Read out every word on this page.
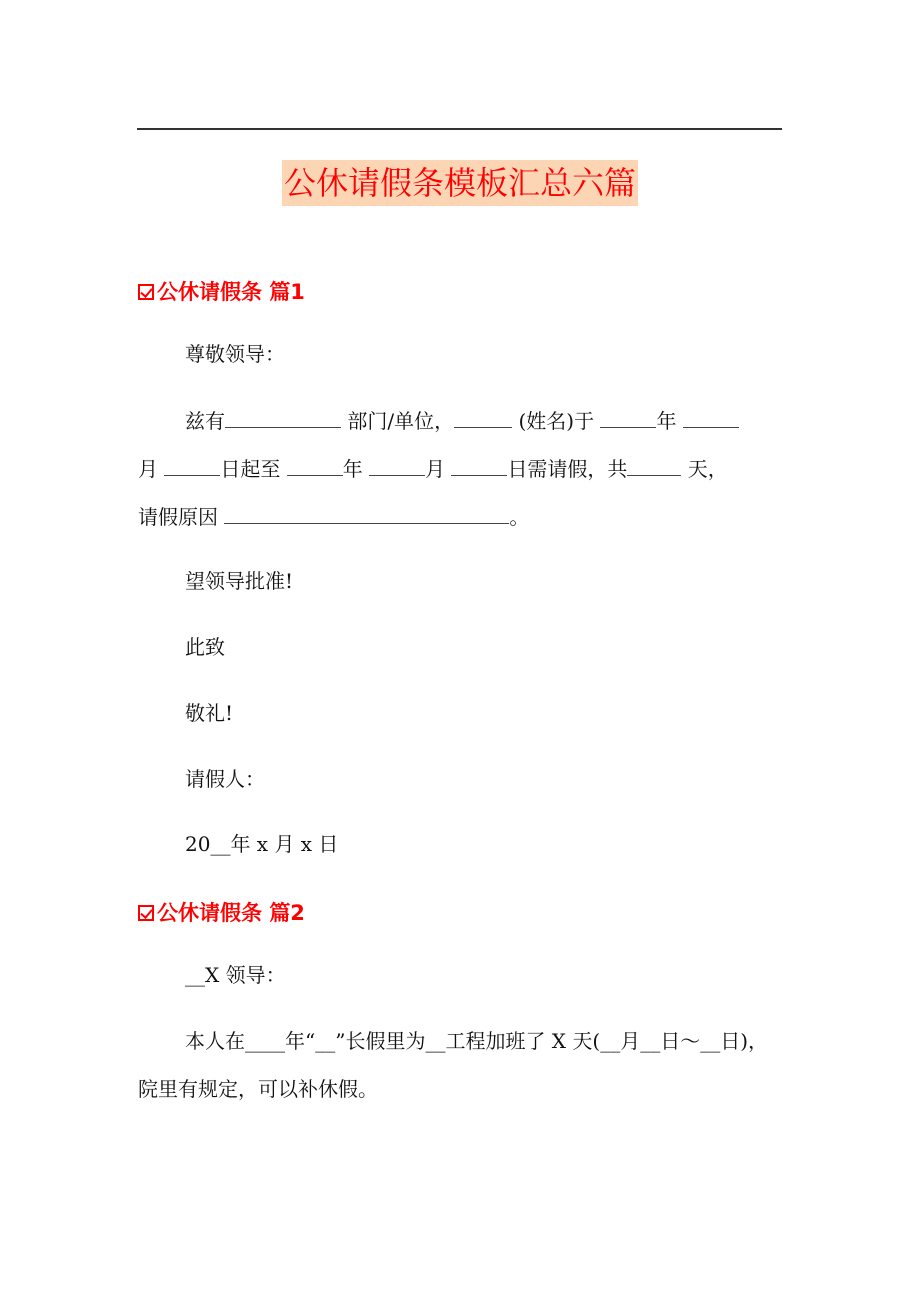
公休请假条模板汇总六篇
公休请假条 篇1
尊敬领导：
兹有	部门/单位，	(姓名)于	年
月	日起至	年	月	日需请假，共	天，
请假原因	。
望领导批准!
此致
敬礼!
请假人：
20__年 x 月 x 日
公休请假条 篇2
__X 领导：
本人在____年“__”长假里为__工程加班了 X 天(__月__日～__日)，院里有规定，可以补休假。
